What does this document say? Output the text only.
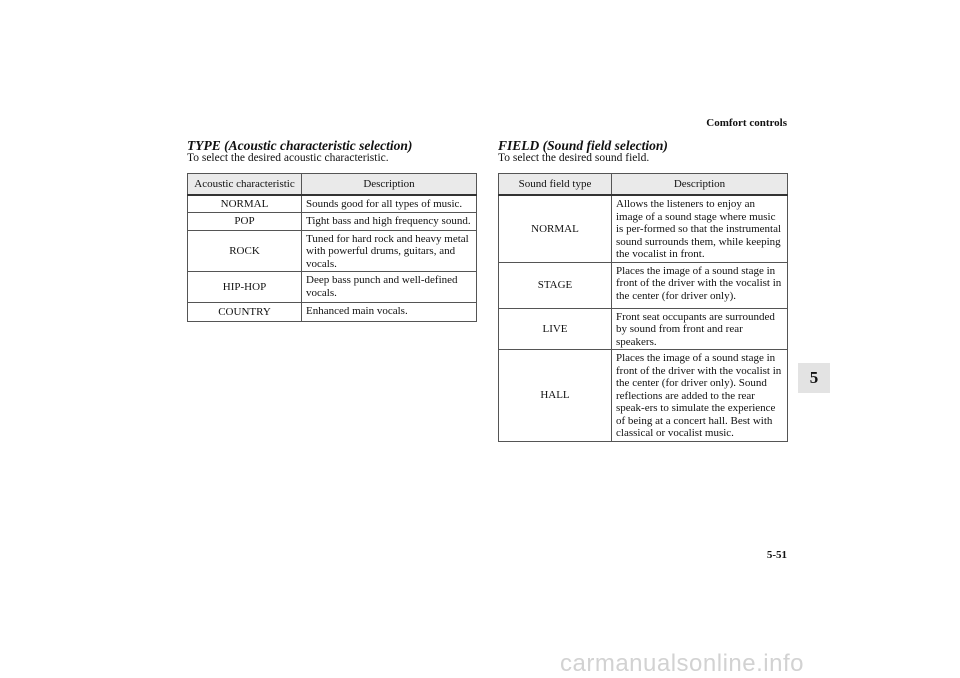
Comfort controls
TYPE (Acoustic characteristic selection)
To select the desired acoustic characteristic.
Acoustic characteristic	Description
NORMAL	Sounds good for all types of music.
POP	Tight bass and high frequency sound.
ROCK	Tuned for hard rock and heavy metal with powerful drums, guitars, and vocals.
HIP-HOP	Deep bass punch and well-defined vocals.
COUNTRY	Enhanced main vocals.
FIELD (Sound field selection)
To select the desired sound field.
Sound field type	Description
NORMAL	Allows the listeners to enjoy an image of a sound stage where music is per-formed so that the instrumental sound surrounds them, while keeping the vocalist in front.
STAGE	Places the image of a sound stage in front of the driver with the vocalist in the center (for driver only).
LIVE	Front seat occupants are surrounded by sound from front and rear speakers.
HALL	Places the image of a sound stage in front of the driver with the vocalist in the center (for driver only). Sound reflections are added to the rear speak-ers to simulate the experience of being at a concert hall. Best with classical or vocalist music.
5
5-51
carmanualsonline.info
